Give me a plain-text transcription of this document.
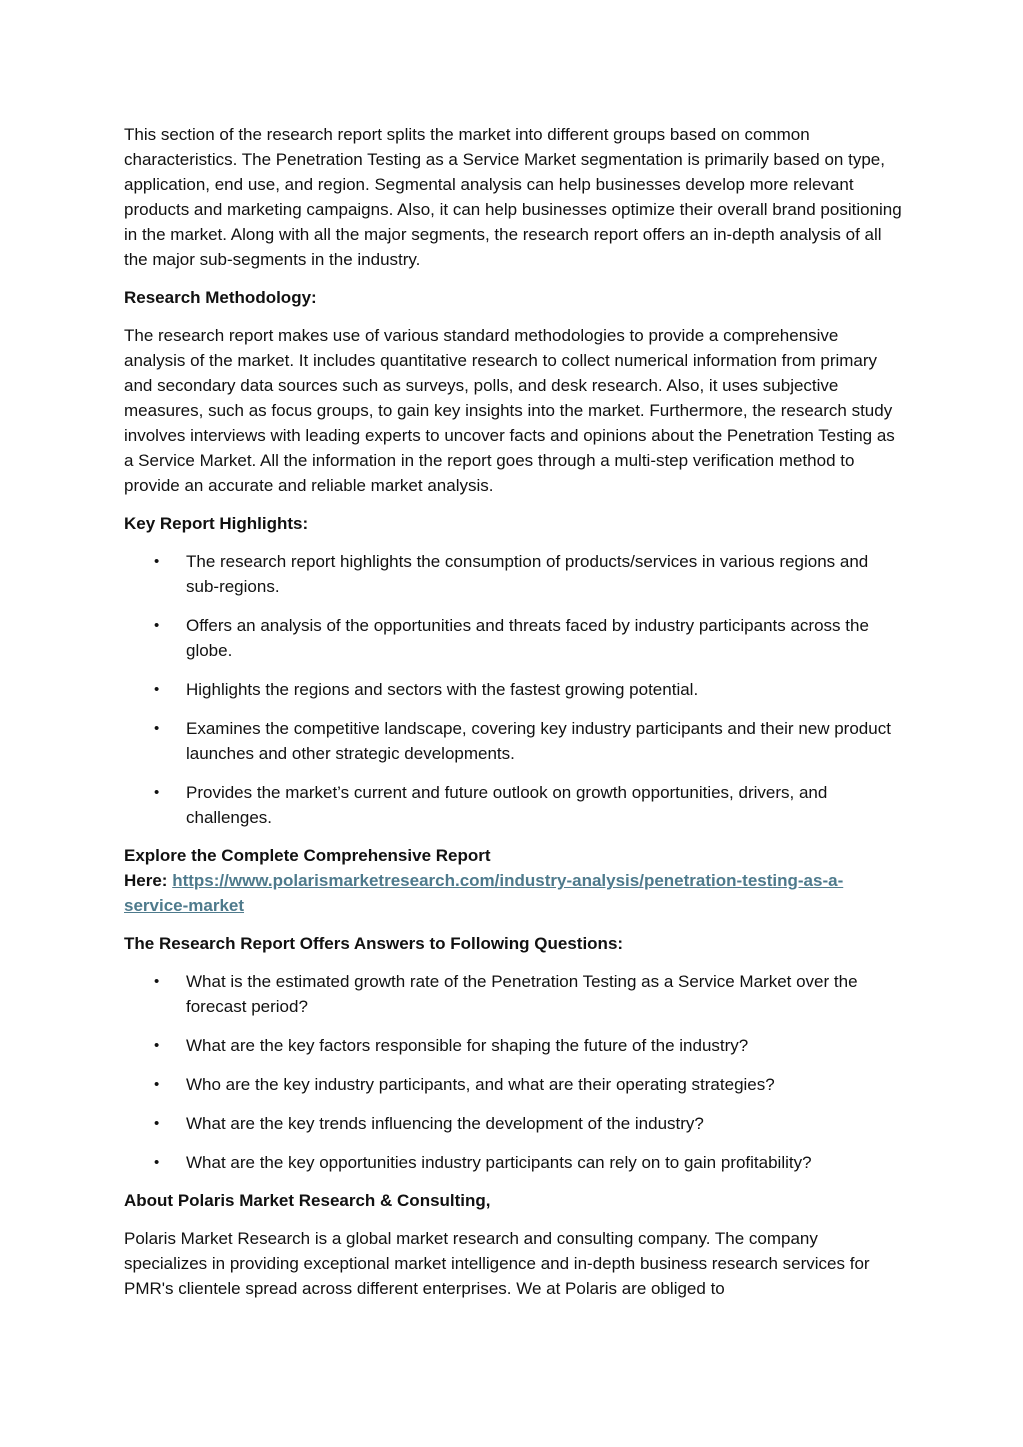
This section of the research report splits the market into different groups based on common characteristics. The Penetration Testing as a Service Market segmentation is primarily based on type, application, end use, and region. Segmental analysis can help businesses develop more relevant products and marketing campaigns. Also, it can help businesses optimize their overall brand positioning in the market. Along with all the major segments, the research report offers an in-depth analysis of all the major sub-segments in the industry.

Research Methodology:

The research report makes use of various standard methodologies to provide a comprehensive analysis of the market. It includes quantitative research to collect numerical information from primary and secondary data sources such as surveys, polls, and desk research. Also, it uses subjective measures, such as focus groups, to gain key insights into the market. Furthermore, the research study involves interviews with leading experts to uncover facts and opinions about the Penetration Testing as a Service Market. All the information in the report goes through a multi-step verification method to provide an accurate and reliable market analysis.

Key Report Highlights:
• The research report highlights the consumption of products/services in various regions and sub-regions.
• Offers an analysis of the opportunities and threats faced by industry participants across the globe.
• Highlights the regions and sectors with the fastest growing potential.
• Examines the competitive landscape, covering key industry participants and their new product launches and other strategic developments.
• Provides the market’s current and future outlook on growth opportunities, drivers, and challenges.
Explore the Complete Comprehensive Report
Here: https://www.polarismarketresearch.com/industry-analysis/penetration-testing-as-a-service-market
The Research Report Offers Answers to Following Questions:
• What is the estimated growth rate of the Penetration Testing as a Service Market over the forecast period?
• What are the key factors responsible for shaping the future of the industry?
• Who are the key industry participants, and what are their operating strategies?
• What are the key trends influencing the development of the industry?
• What are the key opportunities industry participants can rely on to gain profitability?
About Polaris Market Research & Consulting,

Polaris Market Research is a global market research and consulting company. The company specializes in providing exceptional market intelligence and in-depth business research services for PMR's clientele spread across different enterprises. We at Polaris are obliged to
